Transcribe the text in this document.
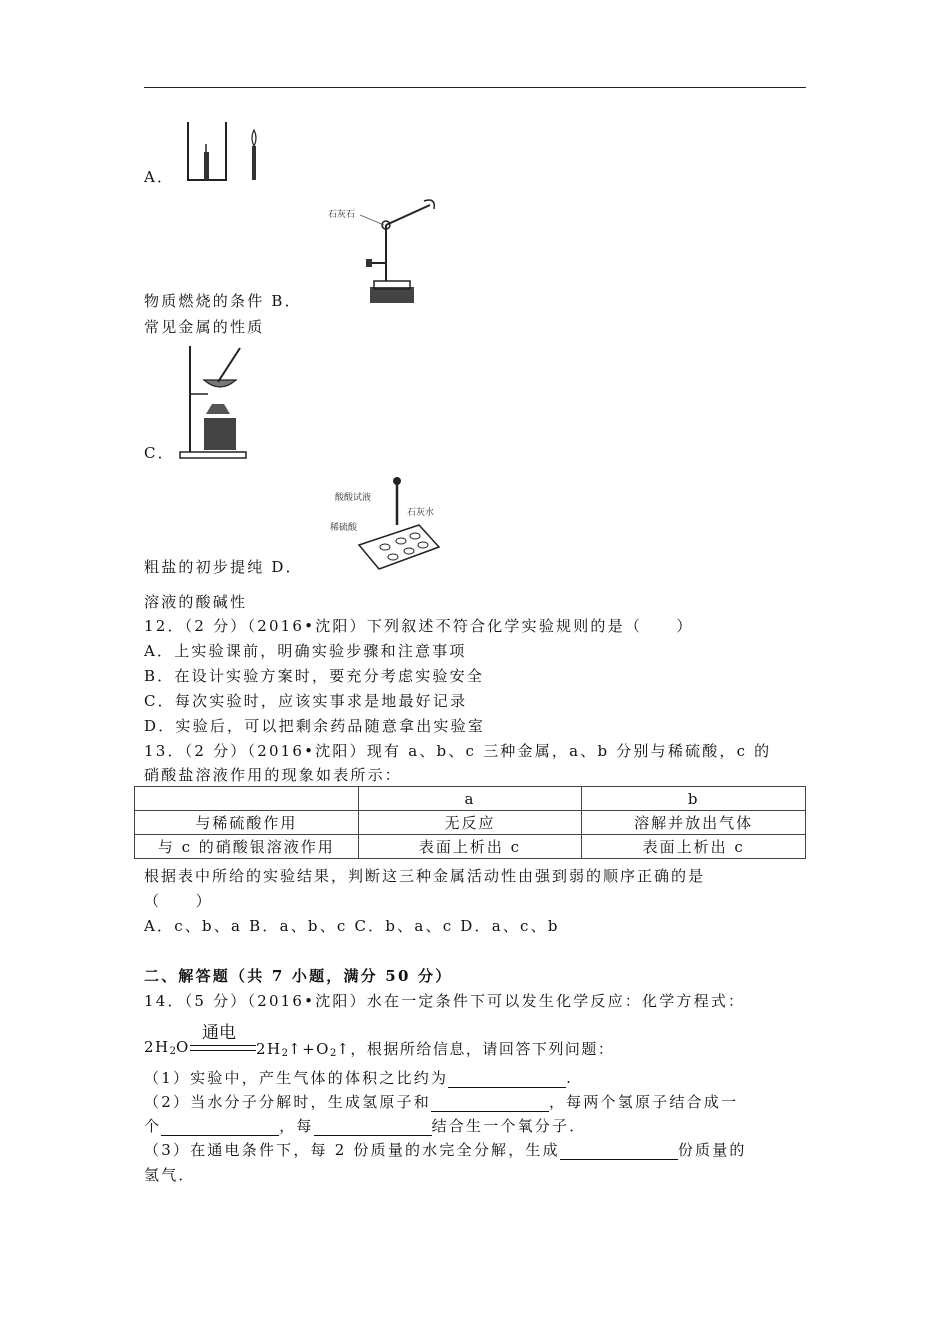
A．
石灰石
物质燃烧的条件 B．
常见金属的性质
C．
酸酸试液
石灰水
稀硫酸
粗盐的初步提纯 D．
溶液的酸碱性
12．（2 分）（2016•沈阳）下列叙述不符合化学实验规则的是（　　）
A．上实验课前，明确实验步骤和注意事项
B．在设计实验方案时，要充分考虑实验安全
C．每次实验时，应该实事求是地最好记录
D．实验后，可以把剩余药品随意拿出实验室
13．（2 分）（2016•沈阳）现有 a、b、c 三种金属，a、b 分别与稀硫酸，c 的
硝酸盐溶液作用的现象如表所示：
	a	b
与稀硫酸作用	无反应	溶解并放出气体
与 c 的硝酸银溶液作用	表面上析出 c	表面上析出 c
根据表中所给的实验结果，判断这三种金属活动性由强到弱的顺序正确的是
（　　）
A．c、b、a B．a、b、c C．b、a、c D．a、c、b
二、解答题（共 7 小题，满分 50 分）
14．（5 分）（2016•沈阳）水在一定条件下可以发生化学反应：化学方程式：
$2H_2O$
通电
$2H_2↑+O_2↑$，根据所给信息，请回答下列问题：
（1）实验中，产生气体的体积之比约为	.
（2）当水分子分解时，生成氢原子和	，每两个氢原子结合成一
个	，每	结合生一个氧分子．
（3）在通电条件下，每 2 份质量的水完全分解，生成	份质量的
氢气．
